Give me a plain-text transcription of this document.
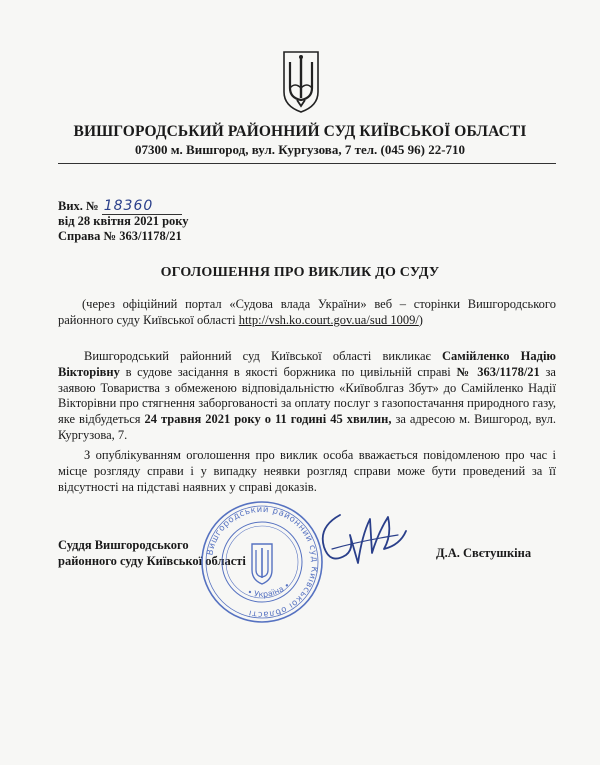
ВИШГОРОДСЬКИЙ РАЙОННИЙ СУД КИЇВСЬКОЇ ОБЛАСТІ
07300 м. Вишгород, вул. Кургузова, 7 тел. (045 96) 22-710
Вих. № 18360
від 28 квітня 2021 року
Справа № 363/1178/21
ОГОЛОШЕННЯ ПРО ВИКЛИК ДО СУДУ
(через офіційний портал «Судова влада України» веб – сторінки Вишгородського районного суду Київської області http://vsh.ko.court.gov.ua/sud 1009/)
Вишгородський районний суд Київської області викликає Самійленко Надію Вікторівну в судове засідання в якості боржника по цивільній справі № 363/1178/21 за заявою Товариства з обмеженою відповідальністю «Київоблгаз Збут» до Самійленко Надії Вікторівни про стягнення заборгованості за оплату послуг з газопостачання природного газу, яке відбудеться 24 травня 2021 року о 11 годині 45 хвилин, за адресою м. Вишгород, вул. Кургузова, 7.
З опублікуванням оголошення про виклик особа вважається повідомленою про час і місце розгляду справи і у випадку неявки розгляд справи може бути проведений за її відсутності на підставі наявних у справі доказів.
Суддя Вишгородського
районного суду Київської області
Д.А. Свєтушкіна
Вишгородський районний суд Київської області
• Україна •
